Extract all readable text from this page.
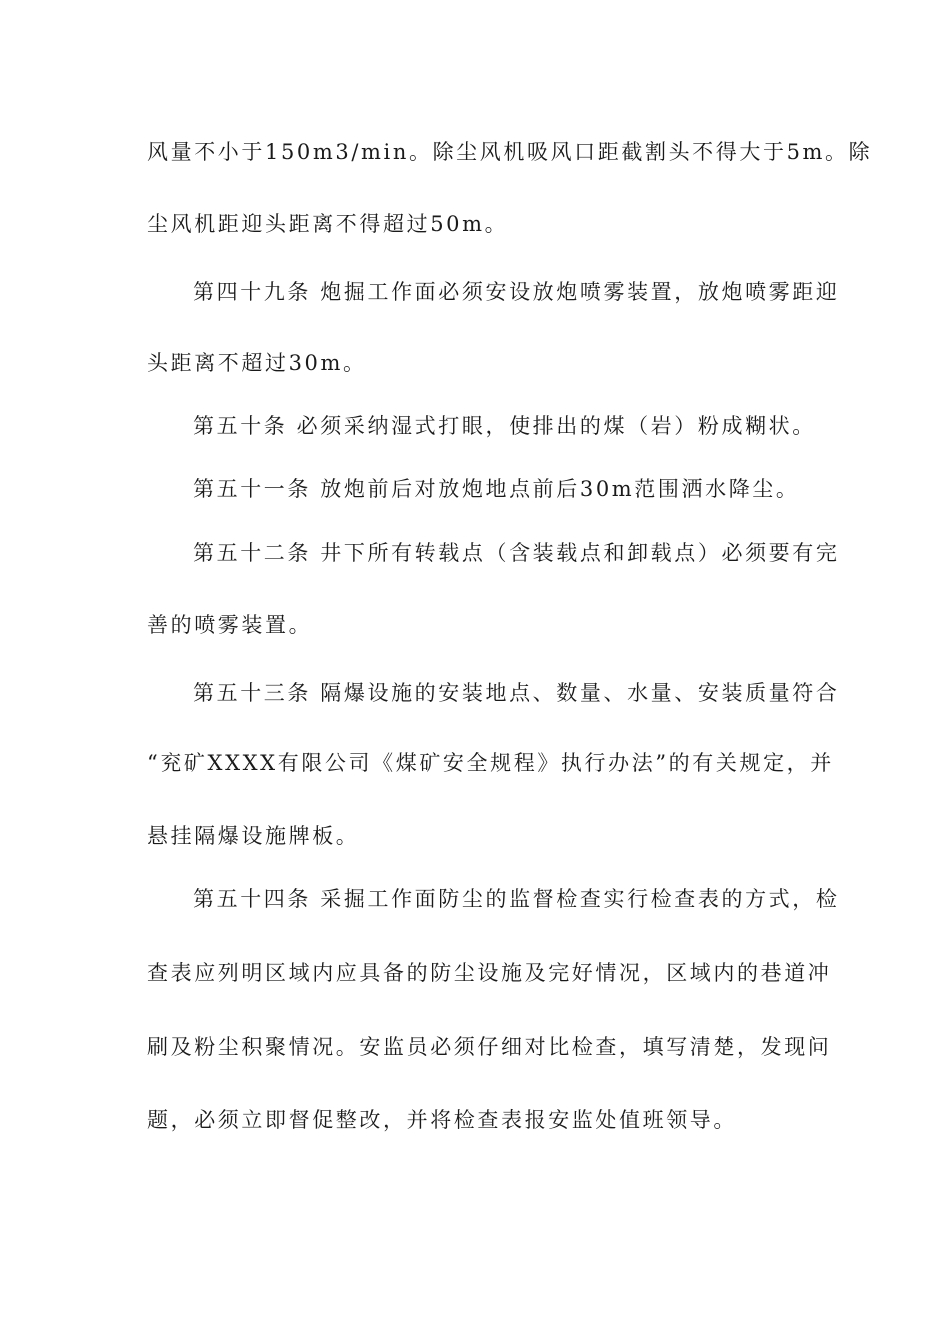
风量不小于150m3/min。除尘风机吸风口距截割头不得大于5m。除
尘风机距迎头距离不得超过50m。
第四十九条 炮掘工作面必须安设放炮喷雾装置，放炮喷雾距迎
头距离不超过30m。
第五十条 必须采纳湿式打眼，使排出的煤（岩）粉成糊状。
第五十一条 放炮前后对放炮地点前后30m范围洒水降尘。
第五十二条 井下所有转载点（含装载点和卸载点）必须要有完
善的喷雾装置。
第五十三条 隔爆设施的安装地点、数量、水量、安装质量符合
“兖矿XXXX有限公司《煤矿安全规程》执行办法”的有关规定，并
悬挂隔爆设施牌板。
第五十四条 采掘工作面防尘的监督检查实行检查表的方式，检
查表应列明区域内应具备的防尘设施及完好情况，区域内的巷道冲
刷及粉尘积聚情况。安监员必须仔细对比检查，填写清楚，发现问
题，必须立即督促整改，并将检查表报安监处值班领导。
